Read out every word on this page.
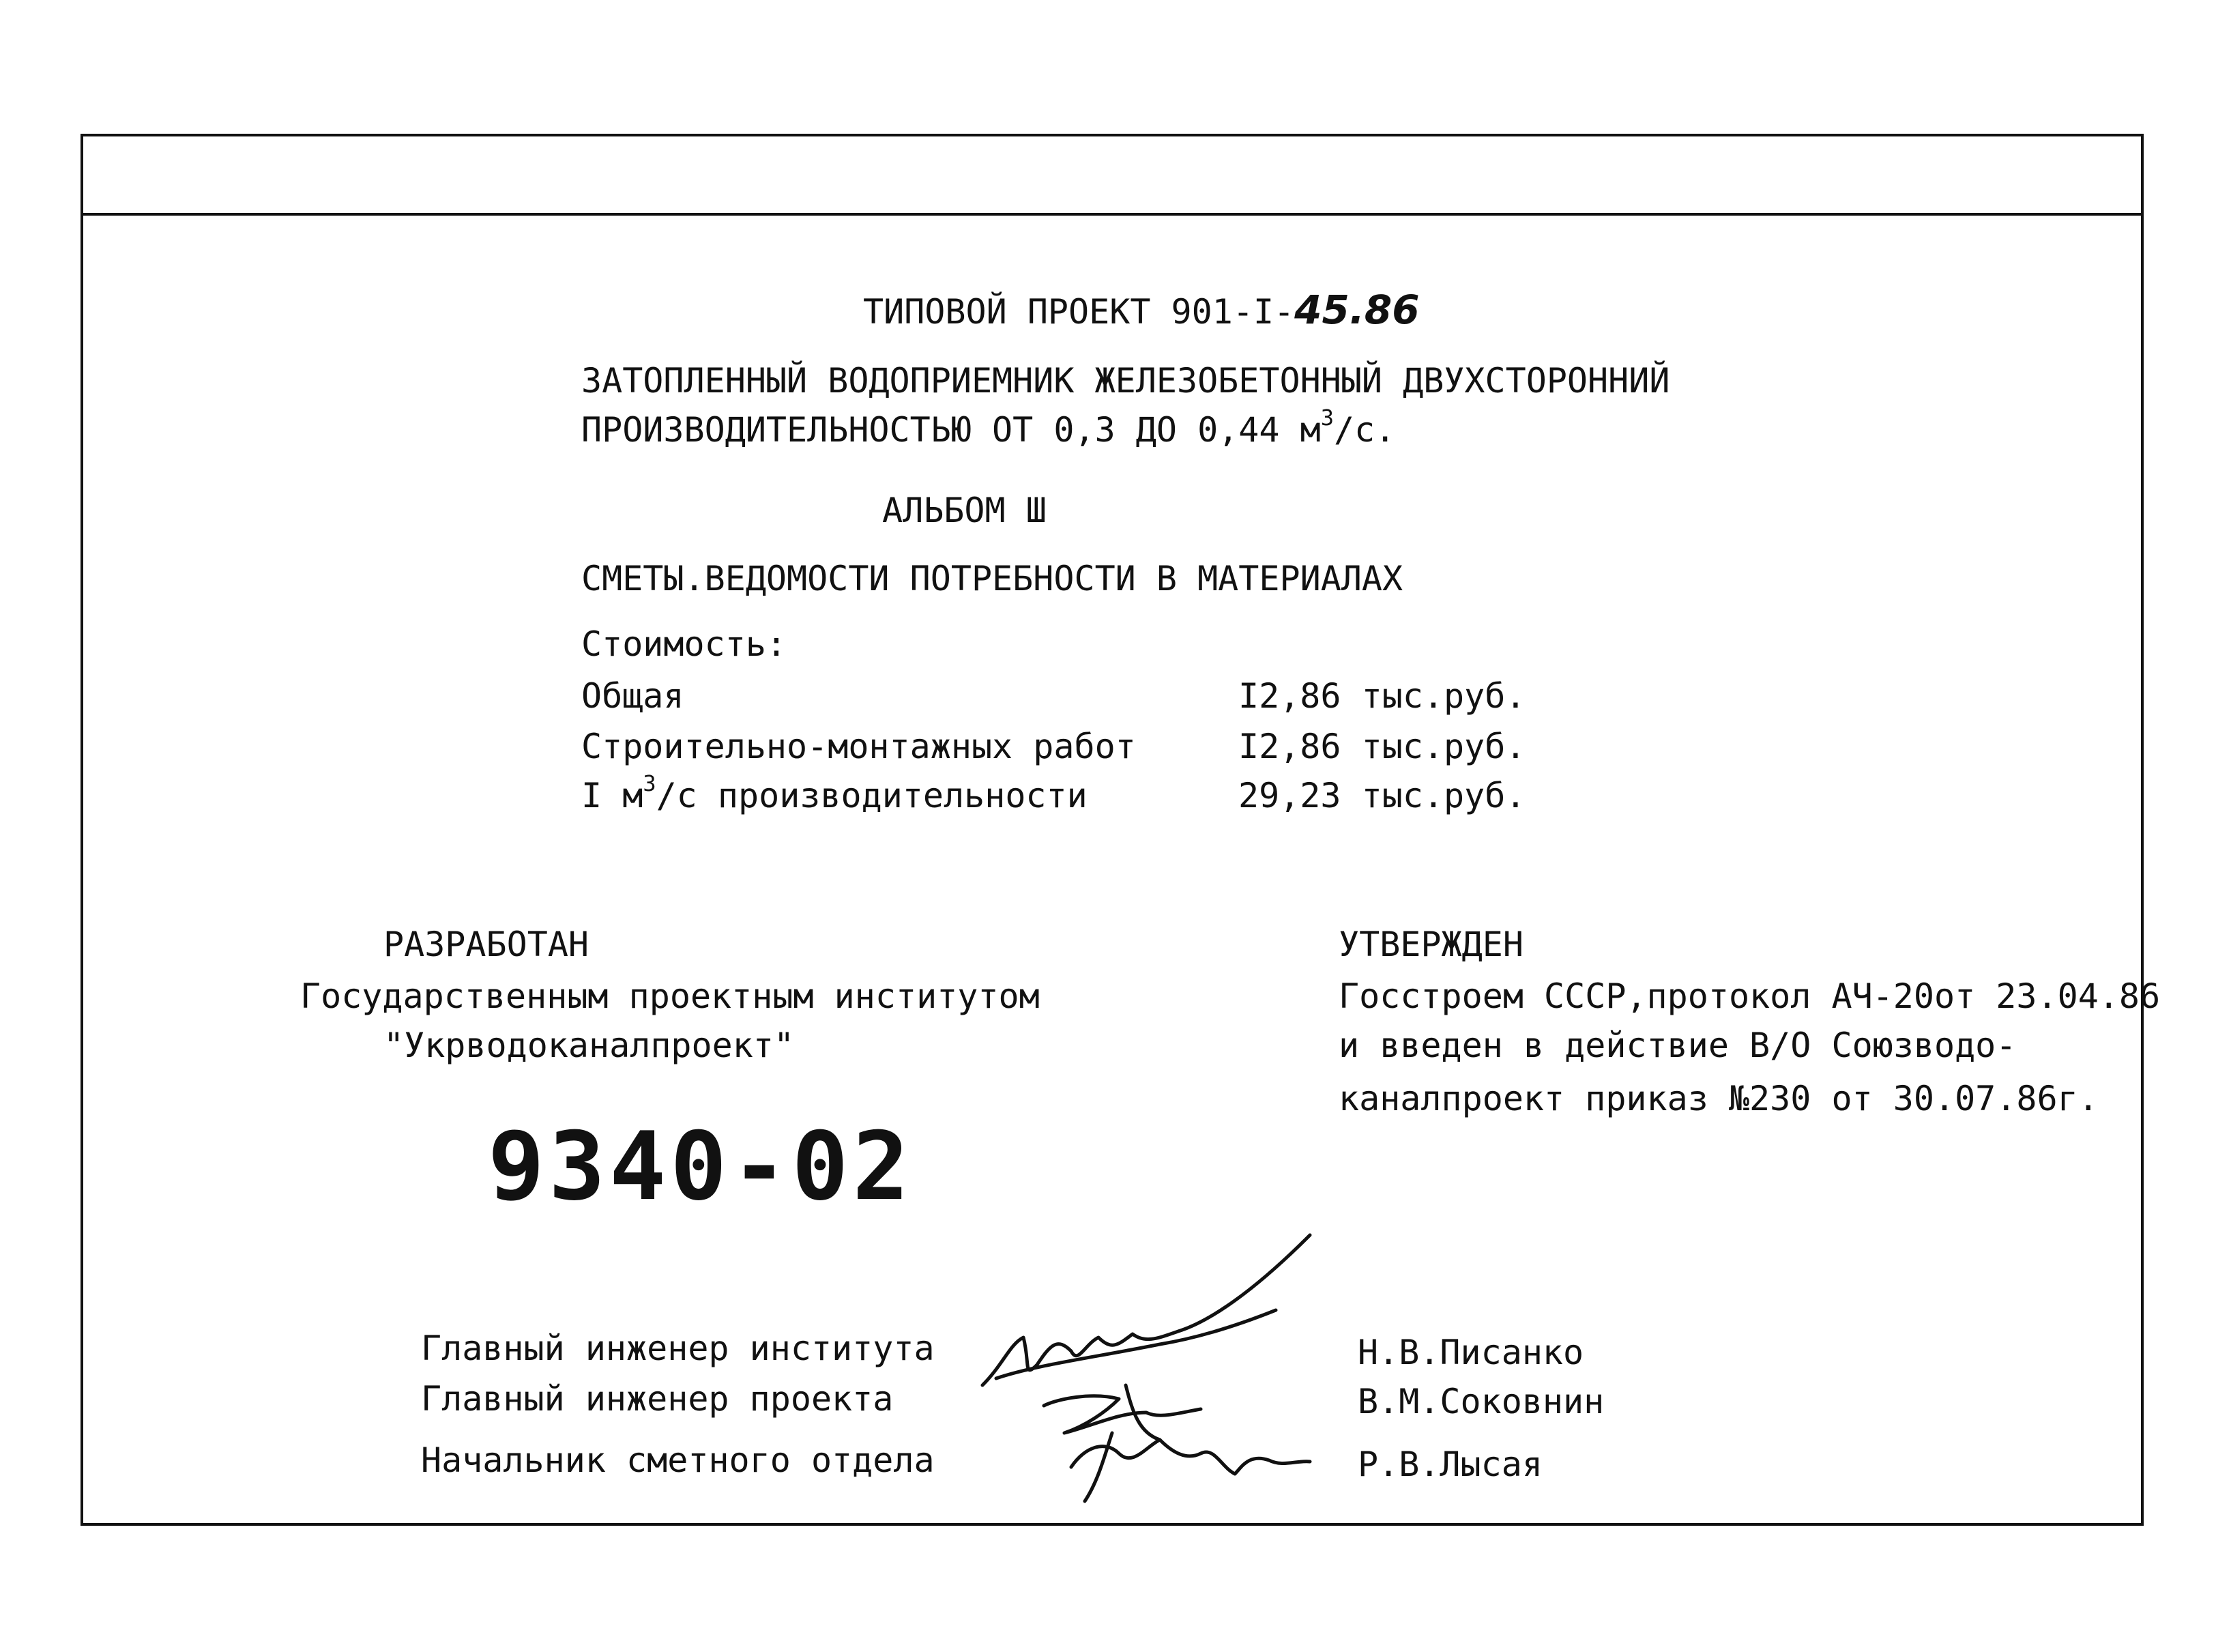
ТИПОВОЙ ПРОЕКТ 901-I-45.86
ЗАТОПЛЕННЫЙ ВОДОПРИЕМНИК ЖЕЛЕЗОБЕТОННЫЙ ДВУХСТОРОННИЙ
ПРОИЗВОДИТЕЛЬНОСТЬЮ ОТ 0,3 ДО 0,44 $м^3/с$.
АЛЬБОМ Ш
СМЕТЫ.ВЕДОМОСТИ ПОТРЕБНОСТИ В МАТЕРИАЛАХ
Стоимость:
Общая	I2,86 тыс.руб.
Строительно-монтажных работ	I2,86 тыс.руб.
I $м^3/с$ производительности	29,23 тыс.руб.
РАЗРАБОТАН
Государственным проектным институтом
"Укрводоканалпроект"
УТВЕРЖДЕН
Госстроем СССР,протокол АЧ-20от 23.04.86
и введен в действие В/О Союзводо-
каналпроект приказ №230 от 30.07.86г.
9340-02
Главный инженер института	Н.В.Писанко
Главный инженер проекта	В.М.Соковнин
Начальник сметного отдела	Р.В.Лысая
